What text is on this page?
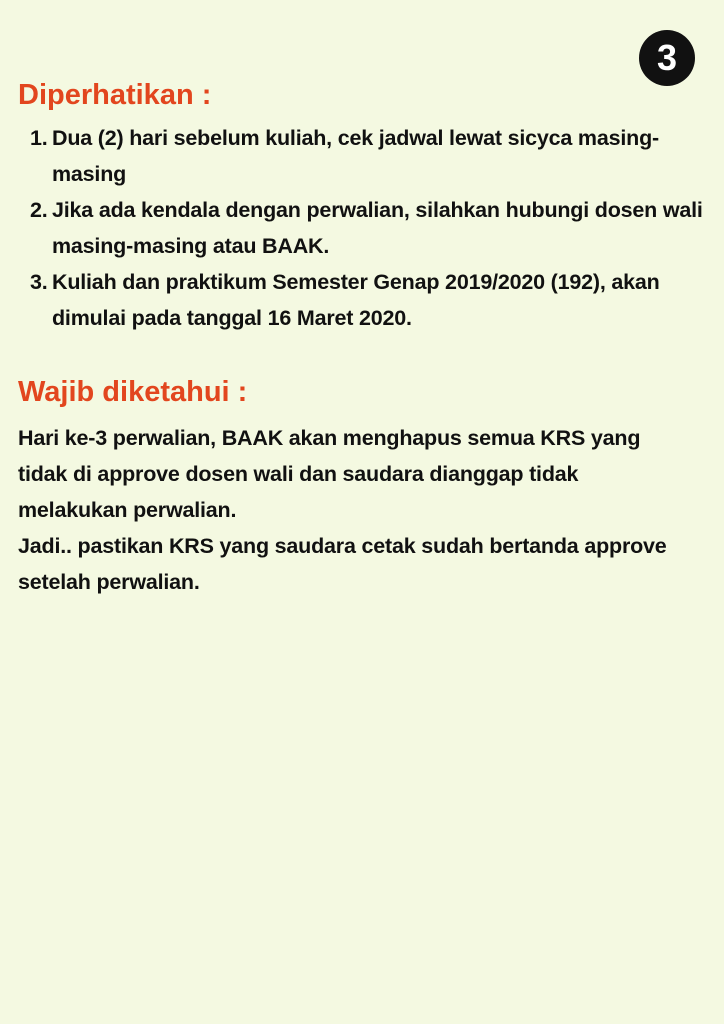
3
Diperhatikan :
1. Dua (2) hari sebelum kuliah, cek jadwal lewat sicyca masing-masing
2. Jika ada kendala dengan perwalian, silahkan hubungi dosen wali masing-masing atau BAAK.
3. Kuliah dan praktikum Semester Genap 2019/2020 (192), akan dimulai pada tanggal 16 Maret 2020.
Wajib diketahui :
Hari ke-3 perwalian, BAAK akan menghapus semua KRS yang
tidak di approve dosen wali dan saudara dianggap tidak
melakukan perwalian.
Jadi.. pastikan KRS yang saudara cetak sudah bertanda approve
setelah perwalian.
